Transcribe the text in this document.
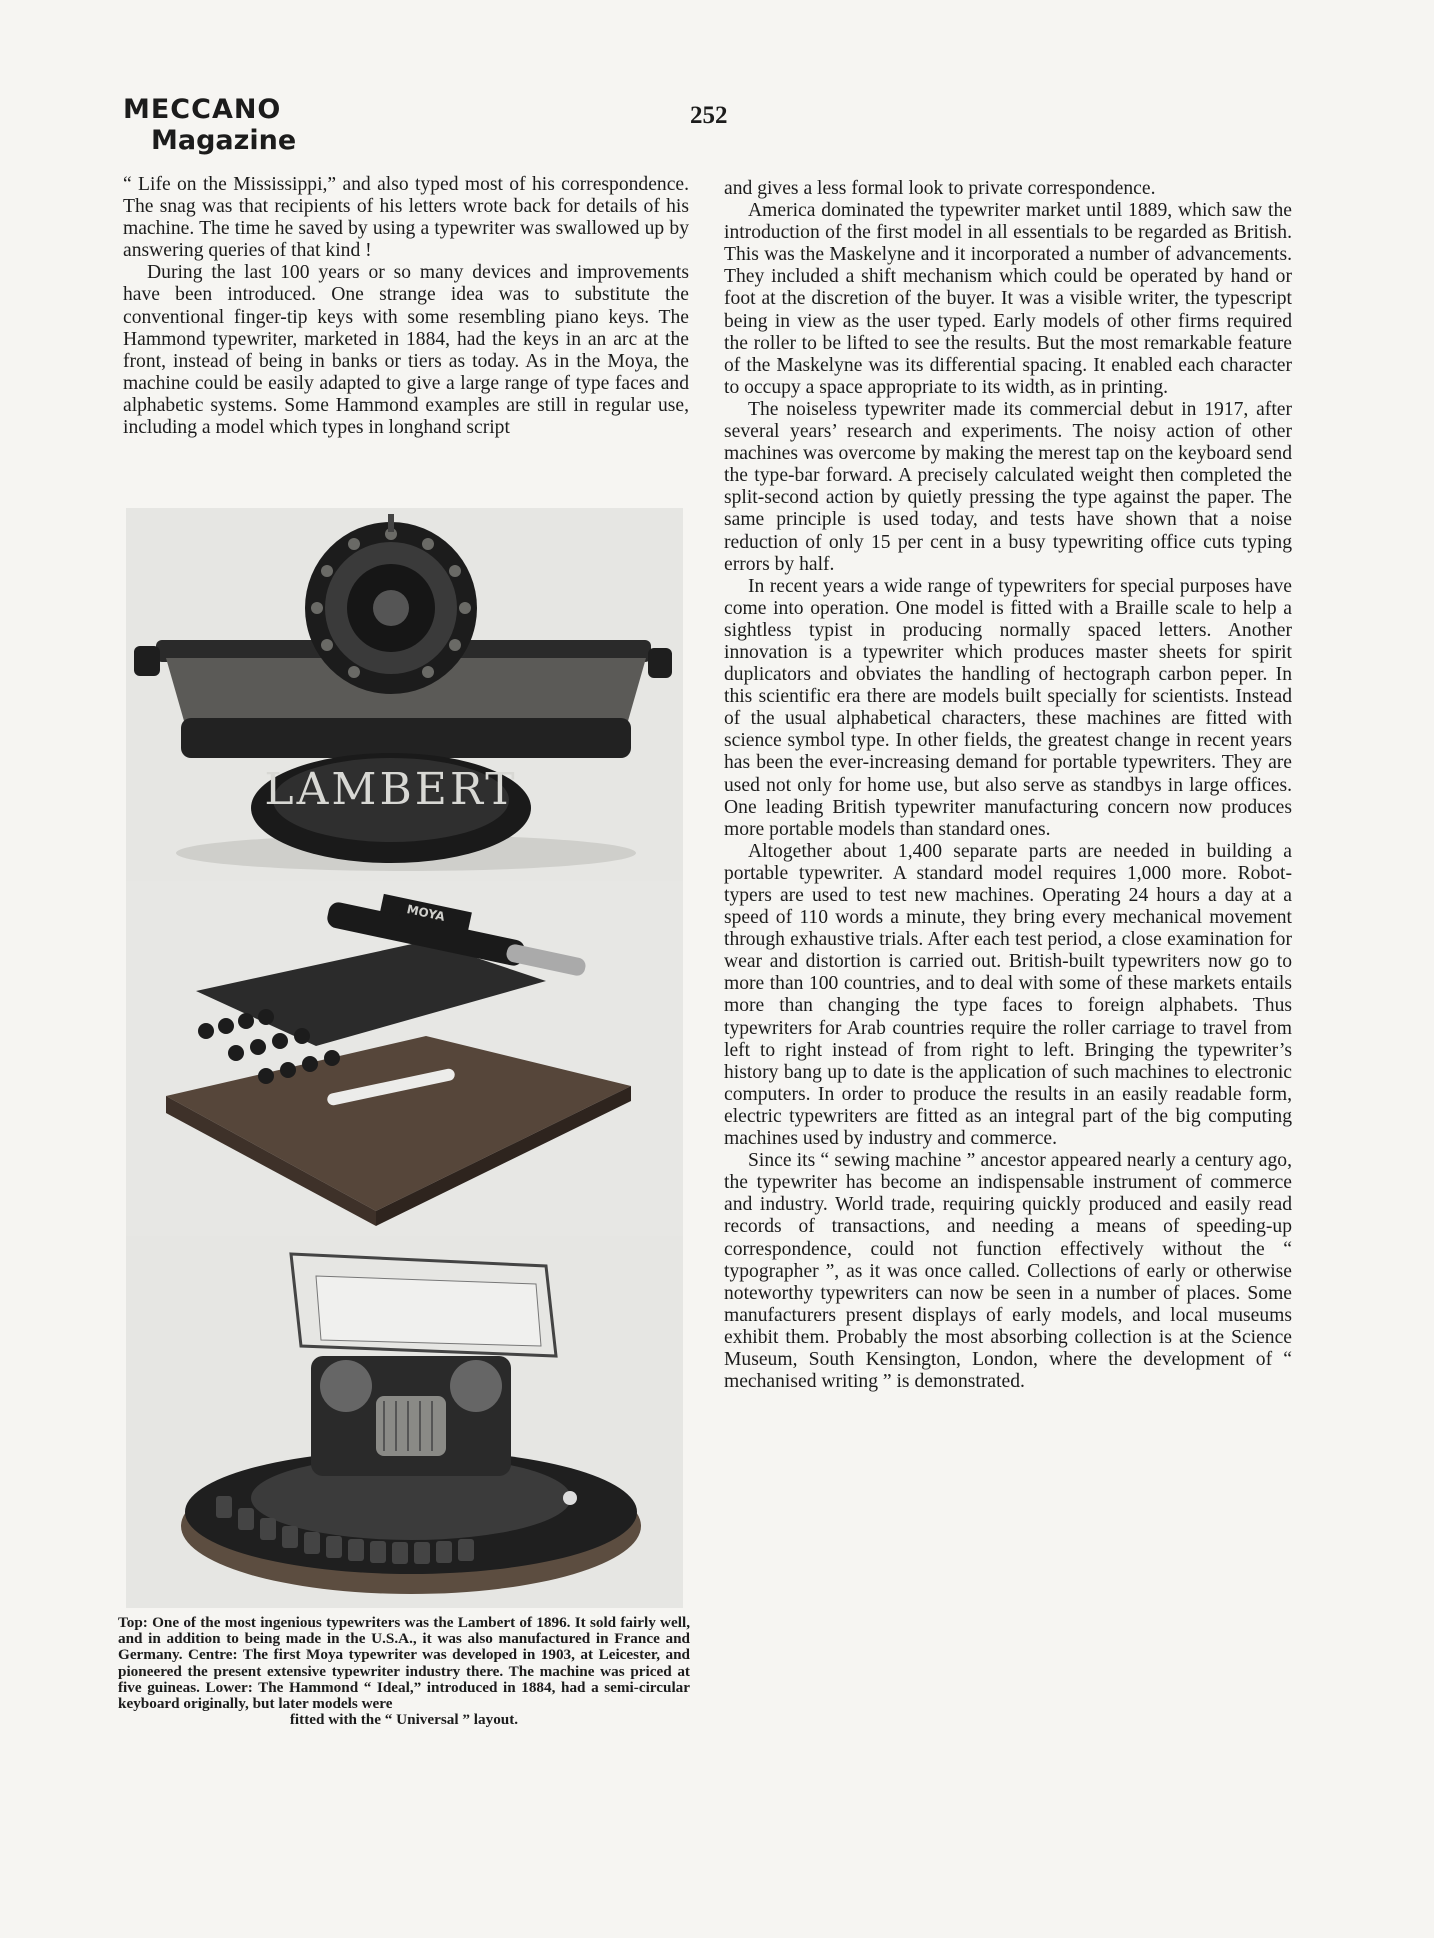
MECCANO
Magazine
252

“ Life on the Mississippi,” and also typed most of his correspondence. The snag was that recipients of his letters wrote back for details of his machine. The time he saved by using a typewriter was swallowed up by answering queries of that kind !

During the last 100 years or so many devices and improvements have been introduced. One strange idea was to substitute the conventional finger-tip keys with some resembling piano keys. The Hammond typewriter, marketed in 1884, had the keys in an arc at the front, instead of being in banks or tiers as today. As in the Moya, the machine could be easily adapted to give a large range of type faces and alphabetic systems. Some Hammond examples are still in regular use, including a model which types in longhand script

LAMBERT
MOYA

Top: One of the most ingenious typewriters was the Lambert of 1896. It sold fairly well, and in addition to being made in the U.S.A., it was also manufactured in France and Germany. Centre: The first Moya typewriter was developed in 1903, at Leicester, and pioneered the present extensive typewriter industry there. The machine was priced at five guineas. Lower: The Hammond “ Ideal,” introduced in 1884, had a semi-circular keyboard originally, but later models were

fitted with the “ Universal ” layout.

and gives a less formal look to private correspondence.

America dominated the typewriter market until 1889, which saw the introduction of the first model in all essentials to be regarded as British. This was the Maskelyne and it incorporated a number of advancements. They included a shift mechanism which could be operated by hand or foot at the discretion of the buyer. It was a visible writer, the typescript being in view as the user typed. Early models of other firms required the roller to be lifted to see the results. But the most remarkable feature of the Maskelyne was its differential spacing. It enabled each character to occupy a space appropriate to its width, as in printing.

The noiseless typewriter made its commercial debut in 1917, after several years’ research and experiments. The noisy action of other machines was overcome by making the merest tap on the keyboard send the type-bar forward. A precisely calculated weight then completed the split-second action by quietly pressing the type against the paper. The same principle is used today, and tests have shown that a noise reduction of only 15 per cent in a busy typewriting office cuts typing errors by half.

In recent years a wide range of typewriters for special purposes have come into operation. One model is fitted with a Braille scale to help a sightless typist in producing normally spaced letters. Another innovation is a typewriter which produces master sheets for spirit duplicators and obviates the handling of hectograph carbon peper. In this scientific era there are models built specially for scientists. Instead of the usual alphabetical characters, these machines are fitted with science symbol type. In other fields, the greatest change in recent years has been the ever-increasing demand for portable typewriters. They are used not only for home use, but also serve as standbys in large offices. One leading British typewriter manufacturing concern now produces more portable models than standard ones.

Altogether about 1,400 separate parts are needed in building a portable typewriter. A standard model requires 1,000 more. Robot-typers are used to test new machines. Operating 24 hours a day at a speed of 110 words a minute, they bring every mechanical movement through exhaustive trials. After each test period, a close examination for wear and distortion is carried out. British-built typewriters now go to more than 100 countries, and to deal with some of these markets entails more than changing the type faces to foreign alphabets. Thus typewriters for Arab countries require the roller carriage to travel from left to right instead of from right to left. Bringing the typewriter’s history bang up to date is the application of such machines to electronic computers. In order to produce the results in an easily readable form, electric typewriters are fitted as an integral part of the big computing machines used by industry and commerce.

Since its “ sewing machine ” ancestor appeared nearly a century ago, the typewriter has become an indispensable instrument of commerce and industry. World trade, requiring quickly produced and easily read records of transactions, and needing a means of speeding-up correspondence, could not function effectively without the “ typographer ”, as it was once called. Collections of early or otherwise noteworthy typewriters can now be seen in a number of places. Some manufacturers present displays of early models, and local museums exhibit them. Probably the most absorbing collection is at the Science Museum, South Kensington, London, where the development of “ mechanised writing ” is demonstrated.
